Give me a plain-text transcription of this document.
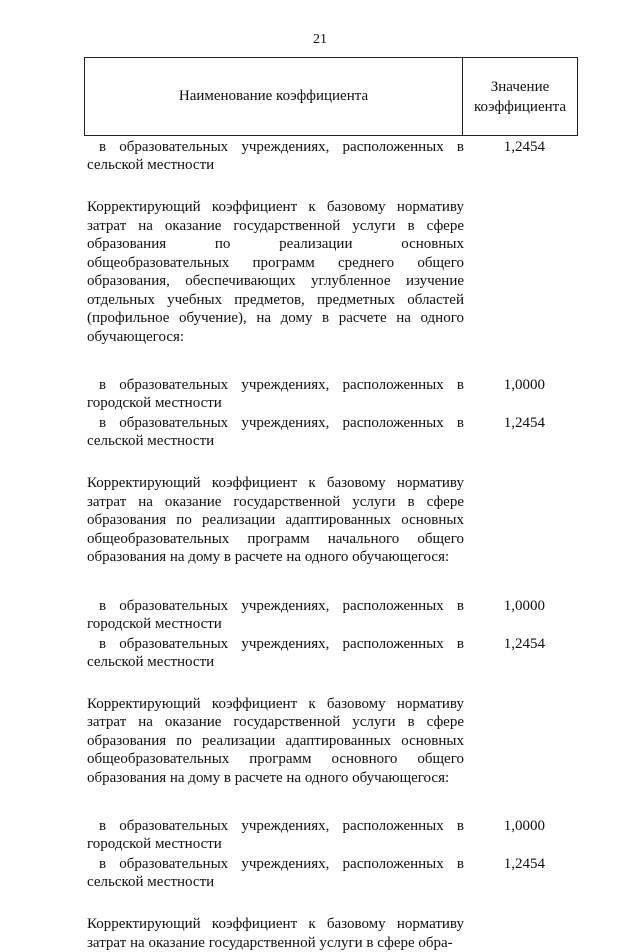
21
Наименование коэффициента
Значение
коэффициента
в образовательных учреждениях, расположенных в сельской местности
1,2454
Корректирующий коэффициент к базовому нормативу затрат на оказание государственной услуги в сфере образования по реализации основных общеобразовательных программ среднего общего образования, обеспечивающих углубленное изучение отдельных учебных предметов, предметных областей (профильное обучение), на дому в расчете на одного обучающегося:
в образовательных учреждениях, расположенных в городской местности
1,0000
в образовательных учреждениях, расположенных в сельской местности
1,2454
Корректирующий коэффициент к базовому нормативу затрат на оказание государственной услуги в сфере образования по реализации адаптированных основных общеобразовательных программ начального общего образования на дому в расчете на одного обучающегося:
в образовательных учреждениях, расположенных в городской местности
1,0000
в образовательных учреждениях, расположенных в сельской местности
1,2454
Корректирующий коэффициент к базовому нормативу затрат на оказание государственной услуги в сфере образования по реализации адаптированных основных общеобразовательных программ основного общего образования на дому в расчете на одного обучающегося:
в образовательных учреждениях, расположенных в городской местности
1,0000
в образовательных учреждениях, расположенных в сельской местности
1,2454
Корректирующий коэффициент к базовому нормативу затрат на оказание государственной услуги в сфере обра-
